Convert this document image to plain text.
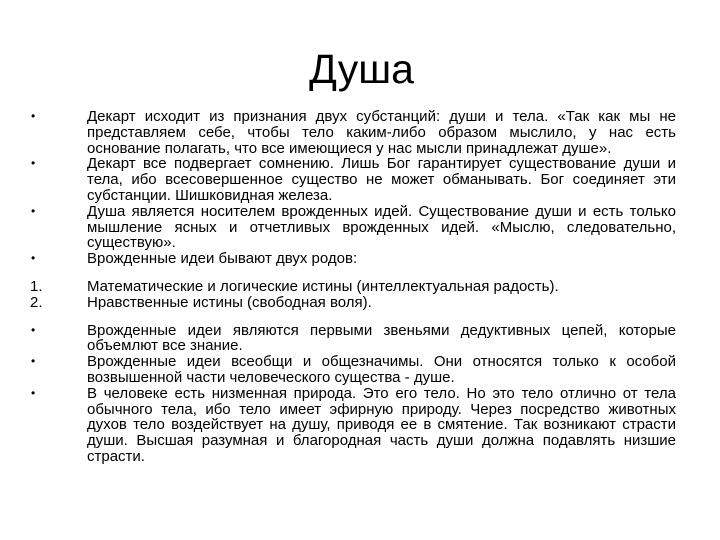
Душа
•	Декарт исходит из признания двух субстанций: души и тела. «Так как мы не представляем себе, чтобы тело каким-либо образом мыслило, у нас есть основание полагать, что все имеющиеся у нас мысли принадлежат душе».
•	Декарт все подвергает сомнению. Лишь Бог гарантирует существование души и тела, ибо всесовершенное существо не может обманывать. Бог соединяет эти субстанции. Шишковидная железа.
•	Душа является носителем врожденных идей. Существование души и есть только мышление ясных и отчетливых врожденных идей. «Мыслю, следовательно, существую».
•	Врожденные идеи бывают двух родов:
1.	Математические и логические истины (интеллектуальная радость).
2.	Нравственные истины (свободная воля).
•	Врожденные идеи являются первыми звеньями дедуктивных цепей, которые объемлют все знание.
•	Врожденные идеи всеобщи и общезначимы. Они относятся только к особой возвышенной части человеческого существа - душе.
•	В человеке есть низменная природа. Это его тело. Но это тело отлично от тела обычного тела, ибо тело имеет эфирную природу. Через посредство животных духов тело воздействует на душу, приводя ее в смятение. Так возникают страсти души. Высшая разумная и благородная часть души должна подавлять низшие страсти.
